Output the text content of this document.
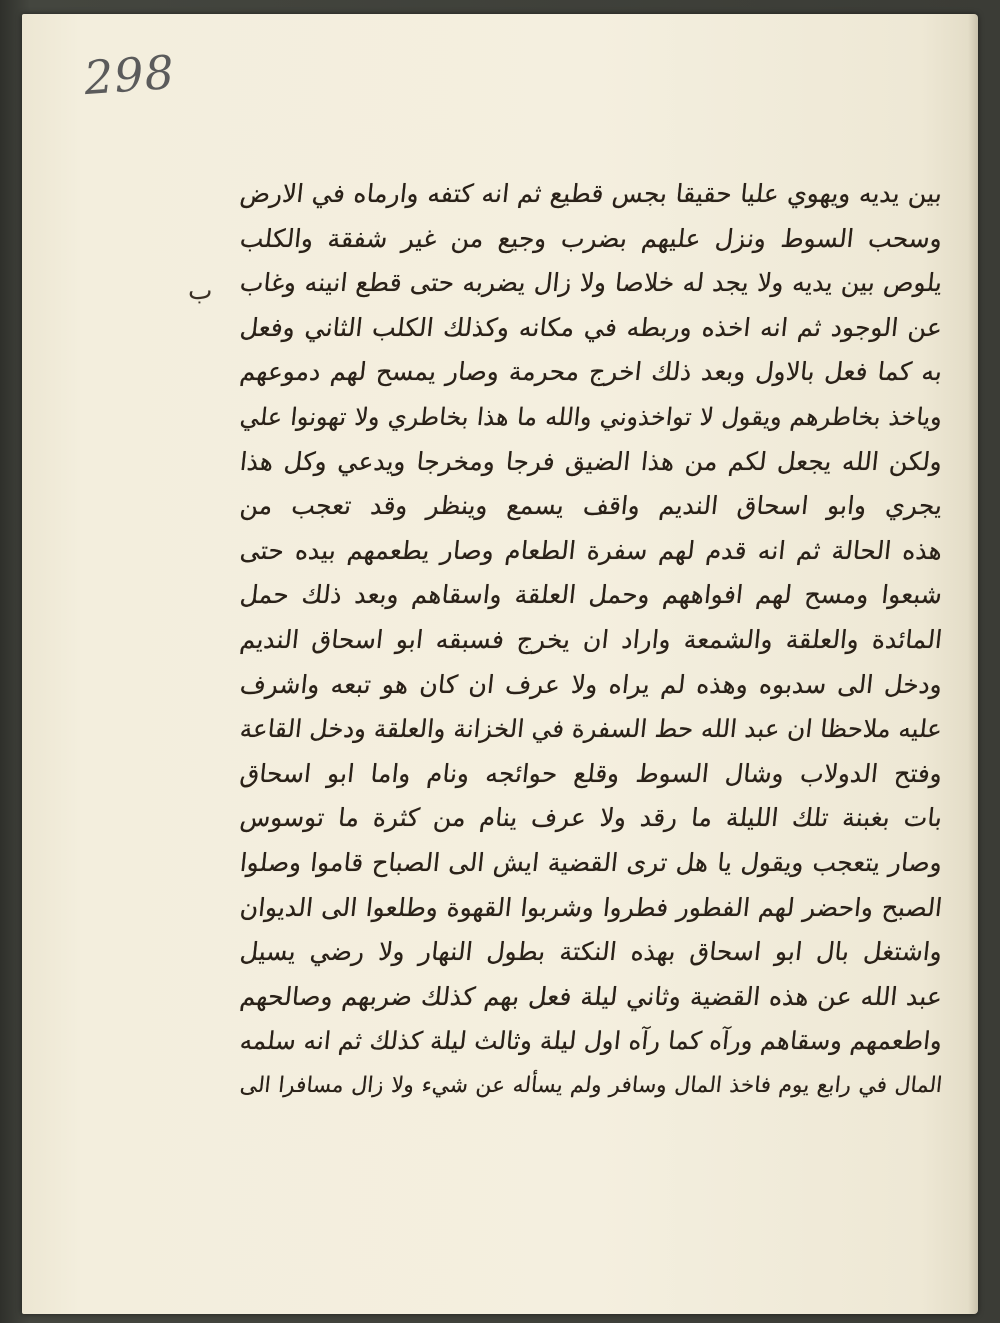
298
ب
بين يديه ويهوي عليا حقيقا بجس قطيع ثم انه كتفه وارماه في الارض
وسحب السوط ونزل عليهم بضرب وجيع من غير شفقة والكلب
يلوص بين يديه ولا يجد له خلاصا ولا زال يضربه حتى قطع انينه وغاب
عن الوجود ثم انه اخذه وربطه في مكانه وكذلك الكلب الثاني وفعل
به كما فعل بالاول وبعد ذلك اخرج محرمة وصار يمسح لهم دموعهم
وياخذ بخاطرهم ويقول لا تواخذوني والله ما هذا بخاطري ولا تهونوا علي
ولكن الله يجعل لكم من هذا الضيق فرجا ومخرجا ويدعي وكل هذا
يجري وابو اسحاق النديم واقف يسمع وينظر وقد تعجب من
هذه الحالة ثم انه قدم لهم سفرة الطعام وصار يطعمهم بيده حتى
شبعوا ومسح لهم افواههم وحمل العلقة واسقاهم وبعد ذلك حمل
المائدة والعلقة والشمعة واراد ان يخرج فسبقه ابو اسحاق النديم
ودخل الى سدبوه وهذه لم يراه ولا عرف ان كان هو تبعه واشرف
عليه ملاحظا ان عبد الله حط السفرة في الخزانة والعلقة ودخل القاعة
وفتح الدولاب وشال السوط وقلع حوائجه ونام واما ابو اسحاق
بات بغبنة تلك الليلة ما رقد ولا عرف ينام من كثرة ما توسوس
وصار يتعجب ويقول يا هل ترى القضية ايش الى الصباح قاموا وصلوا
الصبح واحضر لهم الفطور فطروا وشربوا القهوة وطلعوا الى الديوان
واشتغل بال ابو اسحاق بهذه النكتة بطول النهار ولا رضي يسيل
عبد الله عن هذه القضية وثاني ليلة فعل بهم كذلك ضربهم وصالحهم
واطعمهم وسقاهم ورآه كما رآه اول ليلة وثالث ليلة كذلك ثم انه سلمه
المال في رابع يوم فاخذ المال وسافر ولم يسأله عن شيء ولا زال مسافرا الى
